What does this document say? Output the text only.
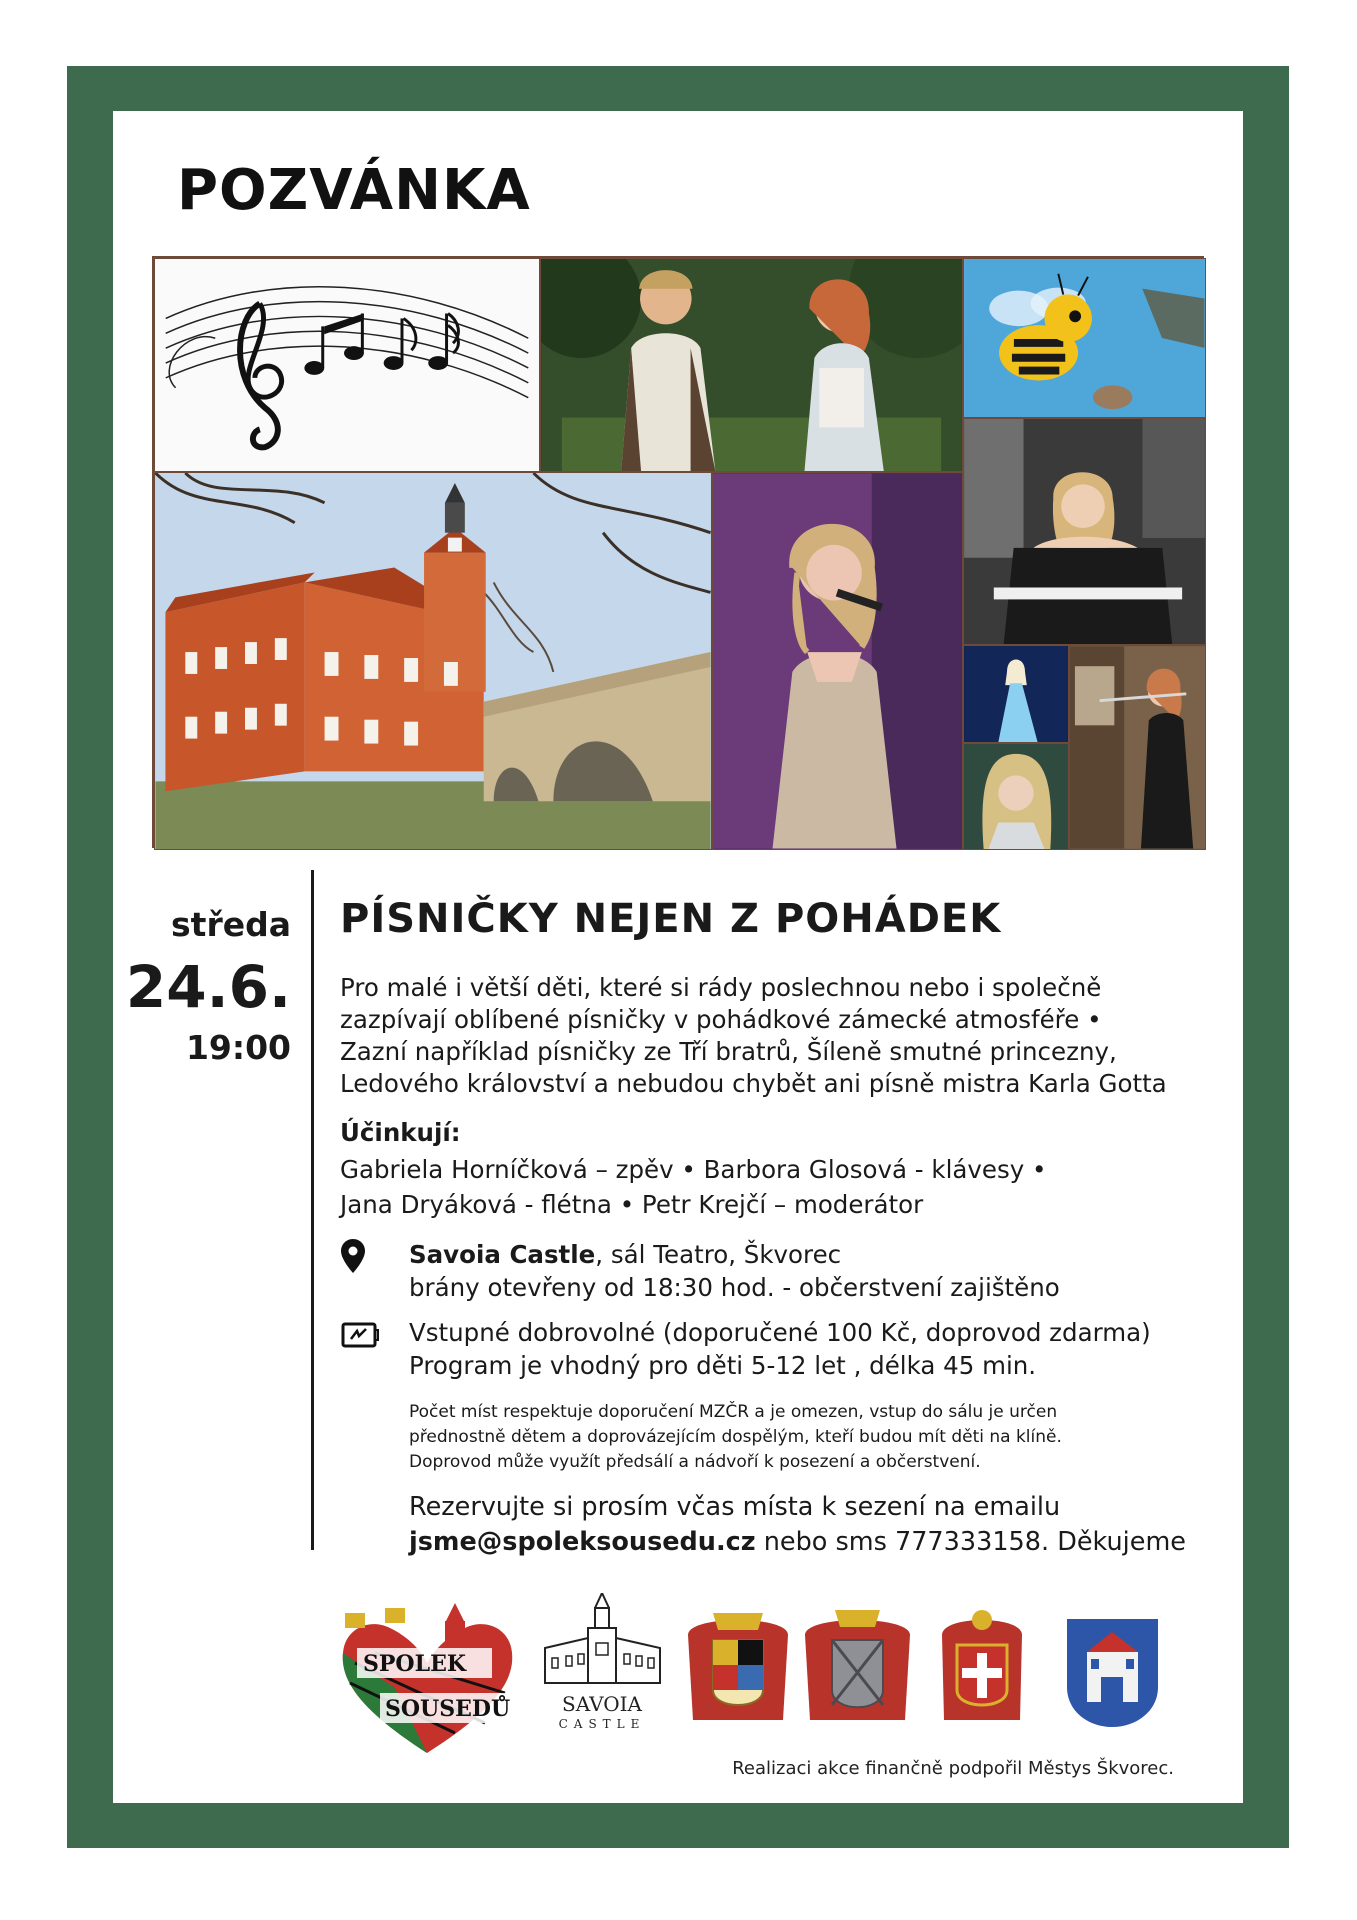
POZVÁNKA
středa
24.6.
19:00
PÍSNIČKY NEJEN Z POHÁDEK
Pro malé i větší děti, které si rády poslechnou nebo i společně
zazpívají oblíbené písničky v pohádkové zámecké atmosféře •
Zazní například písničky ze Tří bratrů, Šíleně smutné princezny,
Ledového království a nebudou chybět ani písně mistra Karla Gotta
Účinkují:
Gabriela Horníčková – zpěv • Barbora Glosová - klávesy •
Jana Dryáková - flétna • Petr Krejčí – moderátor
Savoia Castle, sál Teatro, Škvorec
brány otevřeny od 18:30 hod. - občerstvení zajištěno
Vstupné dobrovolné (doporučené 100 Kč, doprovod zdarma)
Program je vhodný pro děti 5-12 let , délka 45 min.
Počet míst respektuje doporučení MZČR a je omezen, vstup do sálu je určen
přednostně dětem a doprovázejícím dospělým, kteří budou mít děti na klíně.
Doprovod může využít předsálí a nádvoří k posezení a občerstvení.
Rezervujte si prosím včas místa k sezení na emailu
jsme@spoleksousedu.cz nebo sms 777333158. Děkujeme
SPOLEK
SOUSEDŮ	SAVOIA
CASTLE
Realizaci akce finančně podpořil Městys Škvorec.
